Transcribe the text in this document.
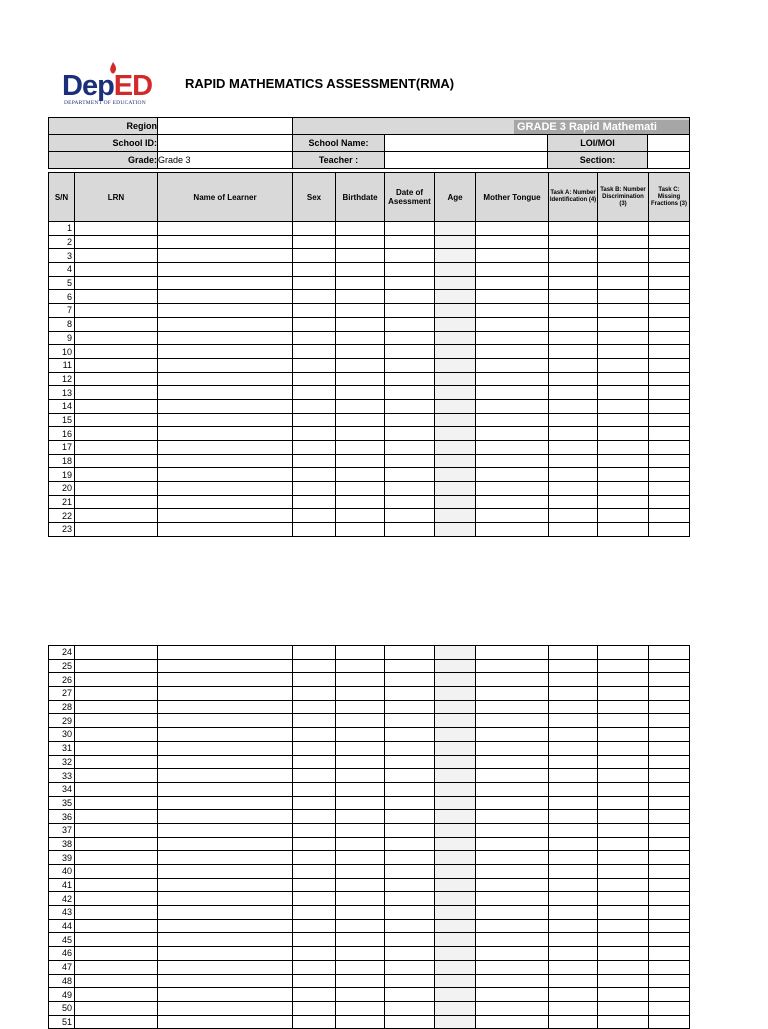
DepED
DEPARTMENT OF EDUCATION
RAPID MATHEMATICS ASSESSMENT(RMA)
Region		GRADE 3 Rapid Mathemati			

School ID:		School Name:		LOI/MOI	
Grade:	Grade 3	Teacher :		Section:	
S/N	LRN	Name of Learner	Sex	Birthdate	Date of Asessment	Age	Mother Tongue	Task A: Number Identification (4)	Task B: Number Discrimination (3)	Task C: Missing Fractions (3)
1										
2										
3										
4										
5										
6										
7										
8										
9										
10										
11										
12										
13										
14										
15										
16										
17										
18										
19										
20										
21										
22										
23										
24										
25										
26										
27										
28										
29										
30										
31										
32										
33										
34										
35										
36										
37										
38										
39										
40										
41										
42										
43										
44										
45										
46										
47										
48										
49										
50										
51										
